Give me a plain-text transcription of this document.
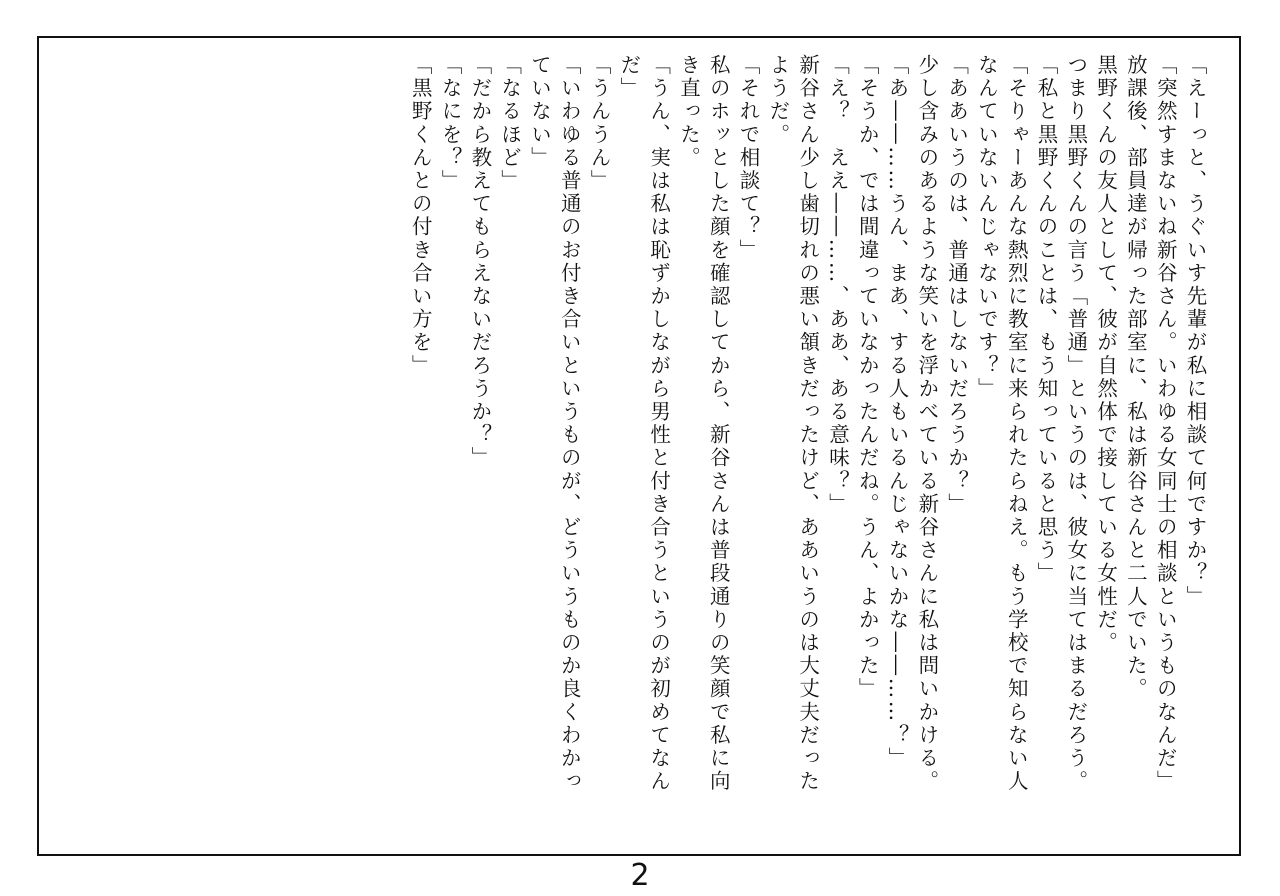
「えーっと、うぐいす先輩が私に相談て何ですか？」
「突然すまないね新谷さん。いわゆる女同士の相談というものなんだ」
放課後、部員達が帰った部室に、私は新谷さんと二人でいた。
黒野くんの友人として、彼が自然体で接している女性だ。
つまり黒野くんの言う「普通」というのは、彼女に当てはまるだろう。
「私と黒野くんのことは、もう知っていると思う」
「そりゃーあんな熱烈に教室に来られたらねえ。もう学校で知らない人
なんていないんじゃないです？」
「ああいうのは、普通はしないだろうか？」
少し含みのあるような笑いを浮かべている新谷さんに私は問いかける。
「あ――……うん、まあ、する人もいるんじゃないかな――……？」
「そうか、では間違っていなかったんだね。うん、よかった」
「え？　ええ――……、ああ、ある意味？」
新谷さん少し歯切れの悪い頷きだったけど、ああいうのは大丈夫だった
ようだ。
「それで相談て？」
私のホッとした顔を確認してから、新谷さんは普段通りの笑顔で私に向
き直った。
「うん、実は私は恥ずかしながら男性と付き合うというのが初めてなん
だ」
「うんうん」
「いわゆる普通のお付き合いというものが、どういうものか良くわかっ
ていない」
「なるほど」
「だから教えてもらえないだろうか？」
「なにを？」
「黒野くんとの付き合い方を」
2
